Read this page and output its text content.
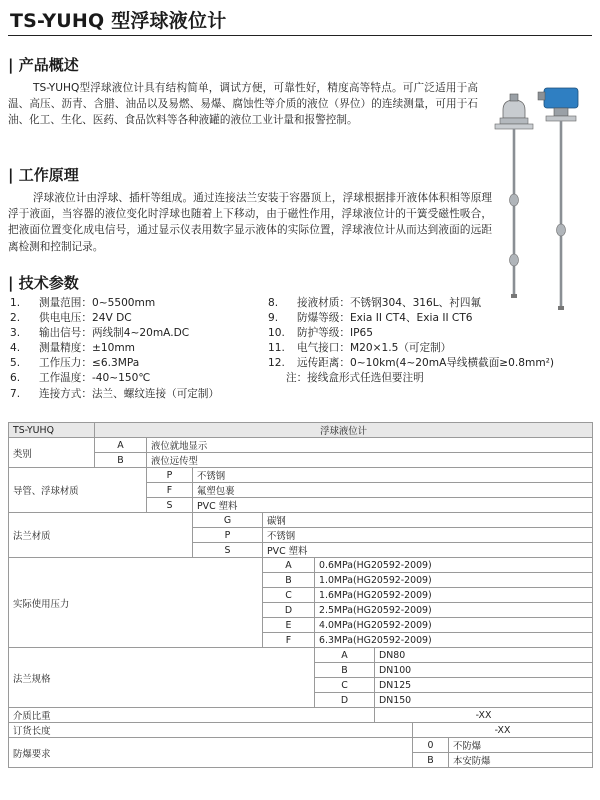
TS-YUHQ 型浮球液位计
| 产品概述

TS-YUHQ型浮球液位计具有结构简单，调试方便，可靠性好，精度高等特点。可广泛适用于高温、高压、沥青、含腊、油品以及易燃、易爆、腐蚀性等介质的液位（界位）的连续测量，可用于石油、化工、生化、医药、食品饮料等各种液罐的液位工业计量和报警控制。

| 工作原理

浮球液位计由浮球、插杆等组成。通过连接法兰安装于容器顶上，浮球根据排开液体体积相等原理浮于液面，当容器的液位变化时浮球也随着上下移动，由于磁性作用，浮球液位计的干簧受磁性吸合，把液面位置变化成电信号，通过显示仪表用数字显示液体的实际位置，浮球液位计从而达到液面的远距离检测和控制记录。

| 技术参数
1. 测量范围：0~5500mm
2. 供电电压：24V DC
3. 输出信号：两线制4~20mA.DC
4. 测量精度：±10mm
5. 工作压力：≤6.3MPa
6. 工作温度：-40~150℃
7. 连接方式：法兰、螺纹连接（可定制）
8. 接液材质：不锈钢304、316L、衬四氟
9. 防爆等级：Exia II CT4、Exia II CT6
10. 防护等级：IP65
11. 电气接口：M20×1.5（可定制）
12. 远传距离：0~10km(4~20mA导线横截面≥0.8mm²)
注：接线盒形式任选但要注明
TS-YUHQ	浮球液位计							
类别	A	液位就地显示						
	B	液位远传型						
导管、浮球材质		P	不锈钢					
		F	氟塑包裹					
		S	PVC 塑料					
法兰材质			G	碳钢				
			P	不锈钢				
			S	PVC 塑料				
实际使用压力				A	0.6MPa(HG20592-2009)			
				B	1.0MPa(HG20592-2009)			
				C	1.6MPa(HG20592-2009)			
				D	2.5MPa(HG20592-2009)			
				E	4.0MPa(HG20592-2009)			
				F	6.3MPa(HG20592-2009)			
法兰规格					A	DN80		
					B	DN100		
					C	DN125		
					D	DN150		
介质比重						-XX		
订货长度							-XX	
防爆要求							0	不防爆
							B	本安防爆
